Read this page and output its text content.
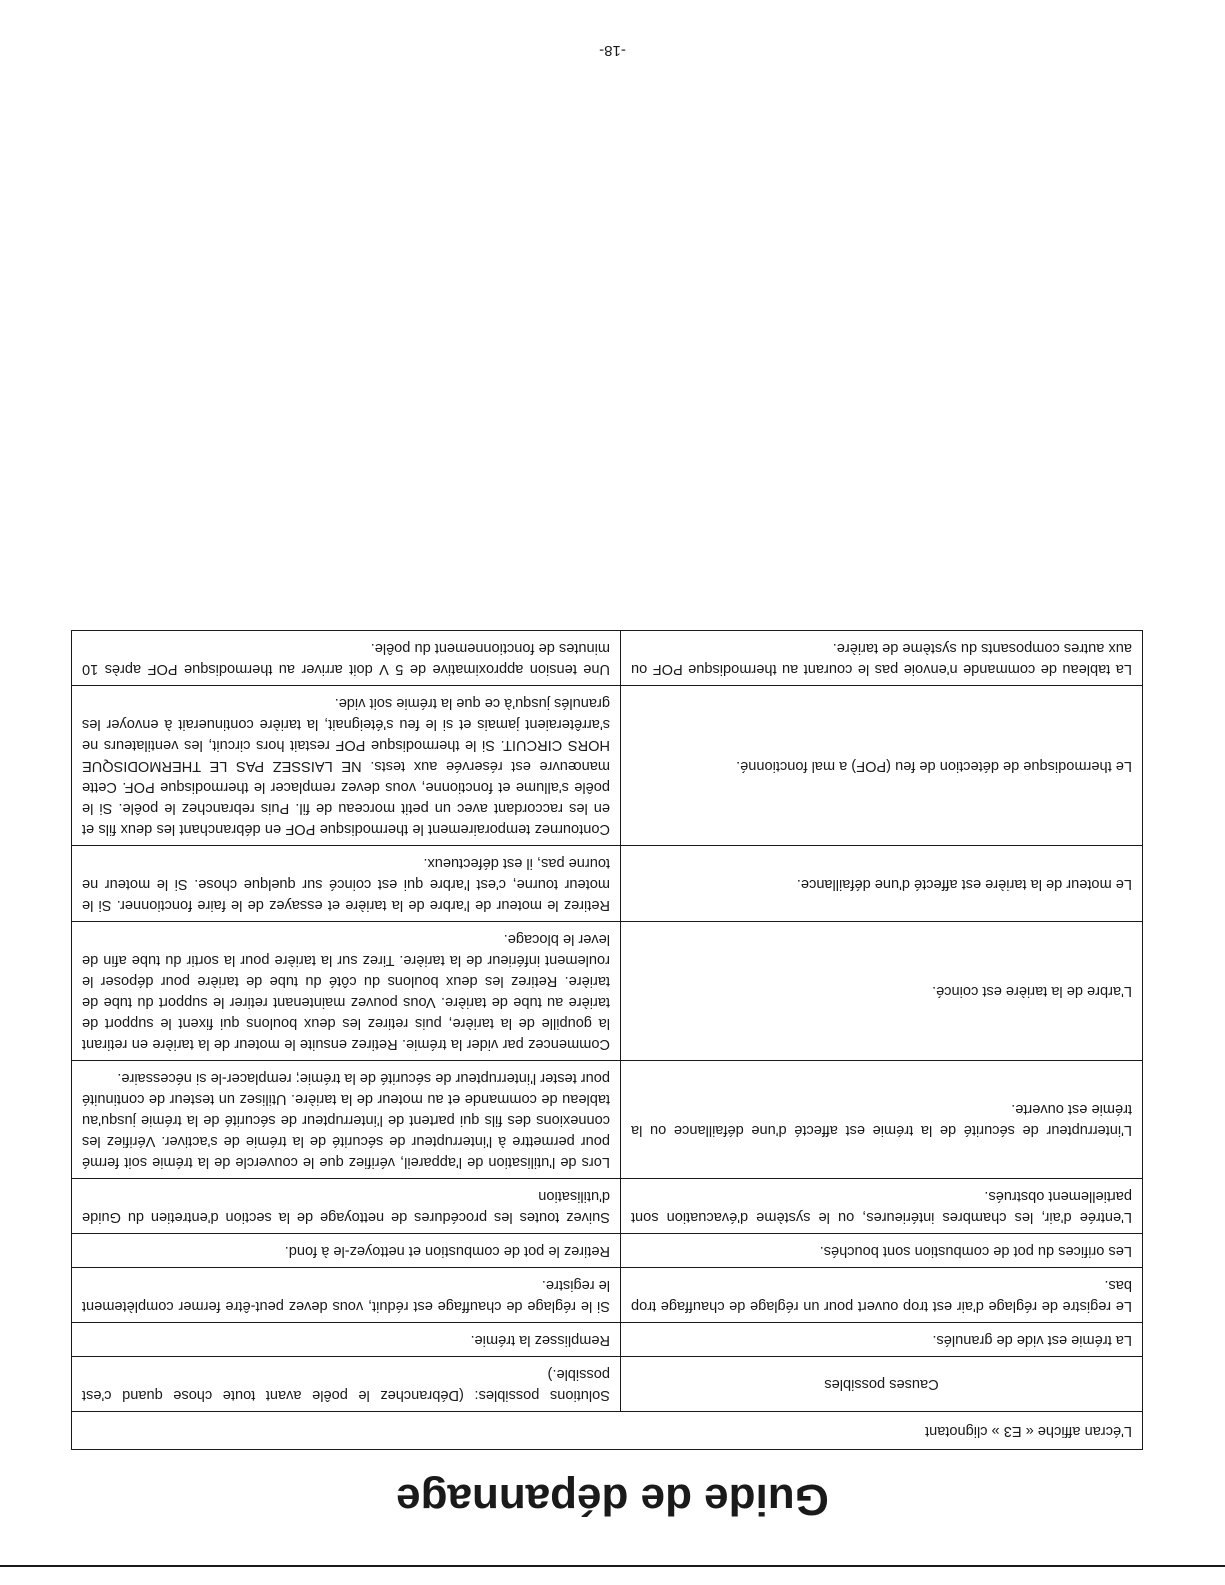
Guide de dépannage
L'écran affiche « E3 » clignotant	
Causes possibles	Solutions possibles: (Débranchez le poêle avant toute chose quand c'est possible.)
La trémie est vide de granulés.	Remplissez la trémie.
Le registre de réglage d'air est trop ouvert pour un réglage de chauffage trop bas.	Si le réglage de chauffage est réduit, vous devez peut-être fermer complètement le registre.
Les orifices du pot de combustion sont bouchés.	Retirez le pot de combustion et nettoyez-le à fond.
L'entrée d'air, les chambres intérieures, ou le système d'évacuation sont partiellement obstrués.	Suivez toutes les procédures de nettoyage de la section d'entretien du Guide d'utilisation
L'interrupteur de sécurité de la trémie est affecté d'une défaillance ou la trémie est ouverte.	Lors de l'utilisation de l'appareil, vérifiez que le couvercle de la trémie soit fermé pour permettre à l'interrupteur de sécurité de la trémie de s'activer. Vérifiez les connexions des fils qui partent de l'interrupteur de sécurité de la trémie jusqu'au tableau de commande et au moteur de la tarière. Utilisez un testeur de continuité pour tester l'interrupteur de sécurité de la trémie; remplacer-le si nécessaire.
L'arbre de la tarière est coincé.	Commencez par vider la trémie. Retirez ensuite le moteur de la tarière en retirant la goupille de la tarière, puis retirez les deux boulons qui fixent le support de tarière au tube de tarière. Vous pouvez maintenant retirer le support du tube de tarière. Retirez les deux boulons du côté du tube de tarière pour déposer le roulement inférieur de la tarière. Tirez sur la tarière pour la sortir du tube afin de lever le blocage.
Le moteur de la tarière est affecté d'une défaillance.	Retirez le moteur de l'arbre de la tarière et essayez de le faire fonctionner. Si le moteur tourne, c'est l'arbre qui est coincé sur quelque chose. Si le moteur ne tourne pas, il est défectueux.
Le thermodisque de détection de feu (POF) a mal fonctionné.	Contournez temporairement le thermodisque POF en débranchant les deux fils et en les raccordant avec un petit morceau de fil. Puis rebranchez le poêle. Si le poêle s'allume et fonctionne, vous devez remplacer le thermodisque POF. Cette manœuvre est réservée aux tests. NE LAISSEZ PAS LE THERMODISQUE HORS CIRCUIT. Si le thermodisque POF restait hors circuit, les ventilateurs ne s'arrêteraient jamais et si le feu s'éteignait, la tarière continuerait à envoyer les granulés jusqu'à ce que la trémie soit vide.
La tableau de commande n'envoie pas le courant au thermodisque POF ou aux autres composants du système de tarière.	Une tension approximative de 5 V doit arriver au thermodisque POF après 10 minutes de fonctionnement du poêle.
-18-
